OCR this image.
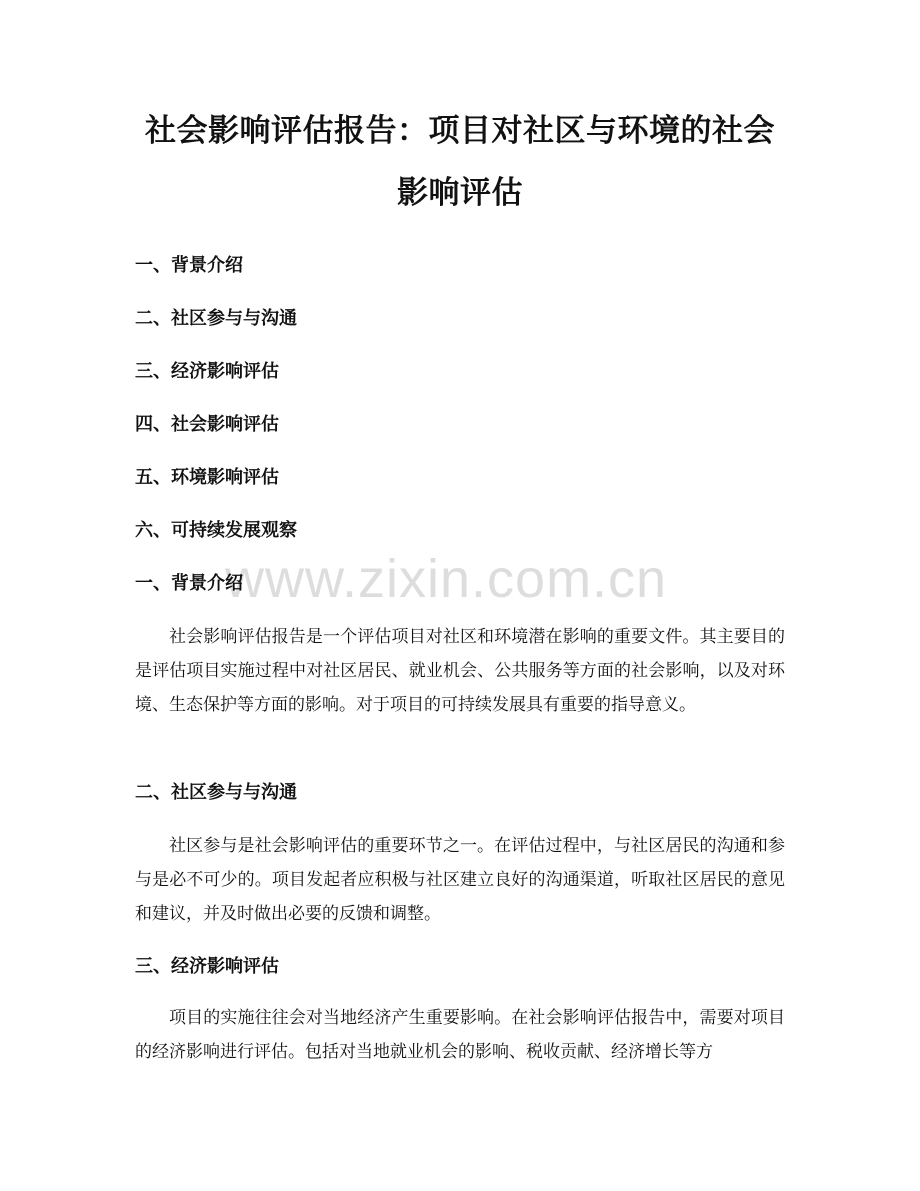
www.zixin.com.cn
社会影响评估报告：项目对社区与环境的社会影响评估
一、背景介绍
二、社区参与与沟通
三、经济影响评估
四、社会影响评估
五、环境影响评估
六、可持续发展观察
一、背景介绍

社会影响评估报告是一个评估项目对社区和环境潜在影响的重要文件。其主要目的是评估项目实施过程中对社区居民、就业机会、公共服务等方面的社会影响，以及对环境、生态保护等方面的影响。对于项目的可持续发展具有重要的指导意义。

二、社区参与与沟通

社区参与是社会影响评估的重要环节之一。在评估过程中，与社区居民的沟通和参与是必不可少的。项目发起者应积极与社区建立良好的沟通渠道，听取社区居民的意见和建议，并及时做出必要的反馈和调整。

三、经济影响评估

项目的实施往往会对当地经济产生重要影响。在社会影响评估报告中，需要对项目的经济影响进行评估。包括对当地就业机会的影响、税收贡献、经济增长等方
